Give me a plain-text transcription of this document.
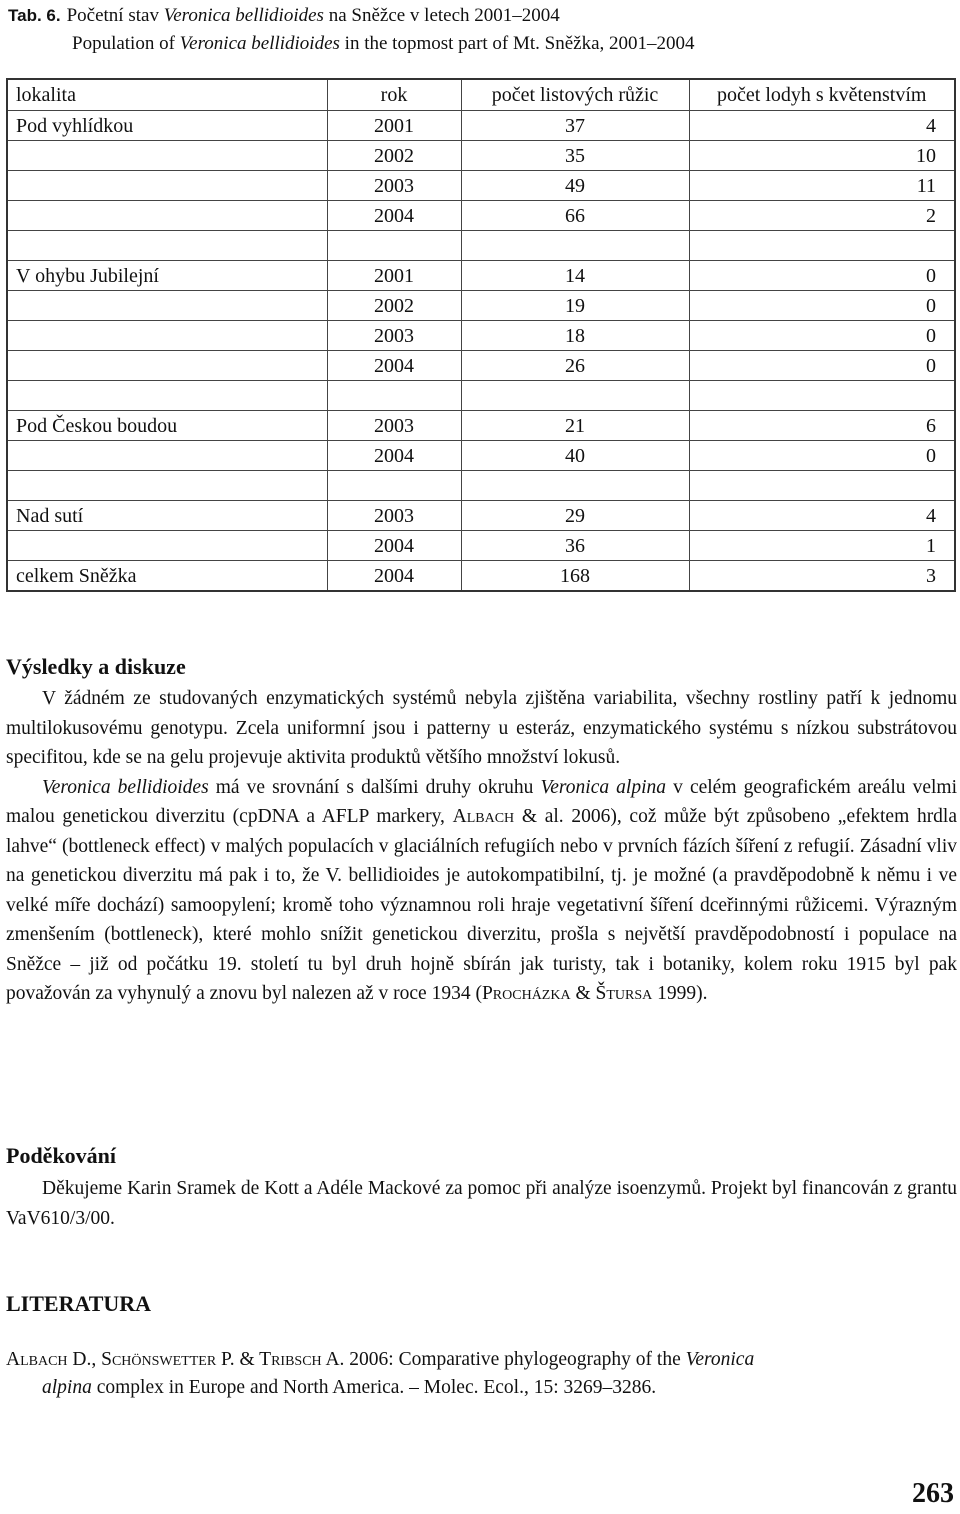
Tab. 6. Početní stav Veronica bellidioides na Sněžce v letech 2001–2004
Population of Veronica bellidioides in the topmost part of Mt. Sněžka, 2001–2004
lokalita	rok	počet listových růžic	počet lodyh s květenstvím
Pod vyhlídkou	2001	37	4
	2002	35	10
	2003	49	11
	2004	66	2

V ohybu Jubilejní	2001	14	0
	2002	19	0
	2003	18	0
	2004	26	0

Pod Českou boudou	2003	21	6
	2004	40	0

Nad sutí	2003	29	4
	2004	36	1
celkem Sněžka	2004	168	3
Výsledky a diskuze
V žádném ze studovaných enzymatických systémů nebyla zjištěna variabilita, všechny rostliny patří k jednomu multilokusovému genotypu. Zcela uniformní jsou i patterny u esteráz, enzymatického systému s nízkou substrátovou specifitou, kde se na gelu projevuje aktivita produktů většího množství lokusů.
Veronica bellidioides má ve srovnání s dalšími druhy okruhu Veronica alpina v celém geografickém areálu velmi malou genetickou diverzitu (cpDNA a AFLP markery, Albach & al. 2006), což může být způsobeno „efektem hrdla lahve“ (bottleneck effect) v malých populacích v glaciálních refugiích nebo v prvních fázích šíření z refugií. Zásadní vliv na genetickou diverzitu má pak i to, že V. bellidioides je autokompatibilní, tj. je možné (a pravděpodobně k němu i ve velké míře dochází) samoopylení; kromě toho významnou roli hraje vegetativní šíření dceřinnými růžicemi. Výrazným zmenšením (bottleneck), které mohlo snížit genetickou diverzitu, prošla s největší pravděpodobností i populace na Sněžce – již od počátku 19. století tu byl druh hojně sbírán jak turisty, tak i botaniky, kolem roku 1915 byl pak považován za vyhynulý a znovu byl nalezen až v roce 1934 (Procházka & Štursa 1999).
Poděkování
Děkujeme Karin Sramek de Kott a Adéle Mackové za pomoc při analýze isoenzymů. Projekt byl financován z grantu VaV610/3/00.
LITERATURA
Albach D., Schönswetter P. & Tribsch A. 2006: Comparative phylogeography of the Veronica
alpina complex in Europe and North America. – Molec. Ecol., 15: 3269–3286.
263
